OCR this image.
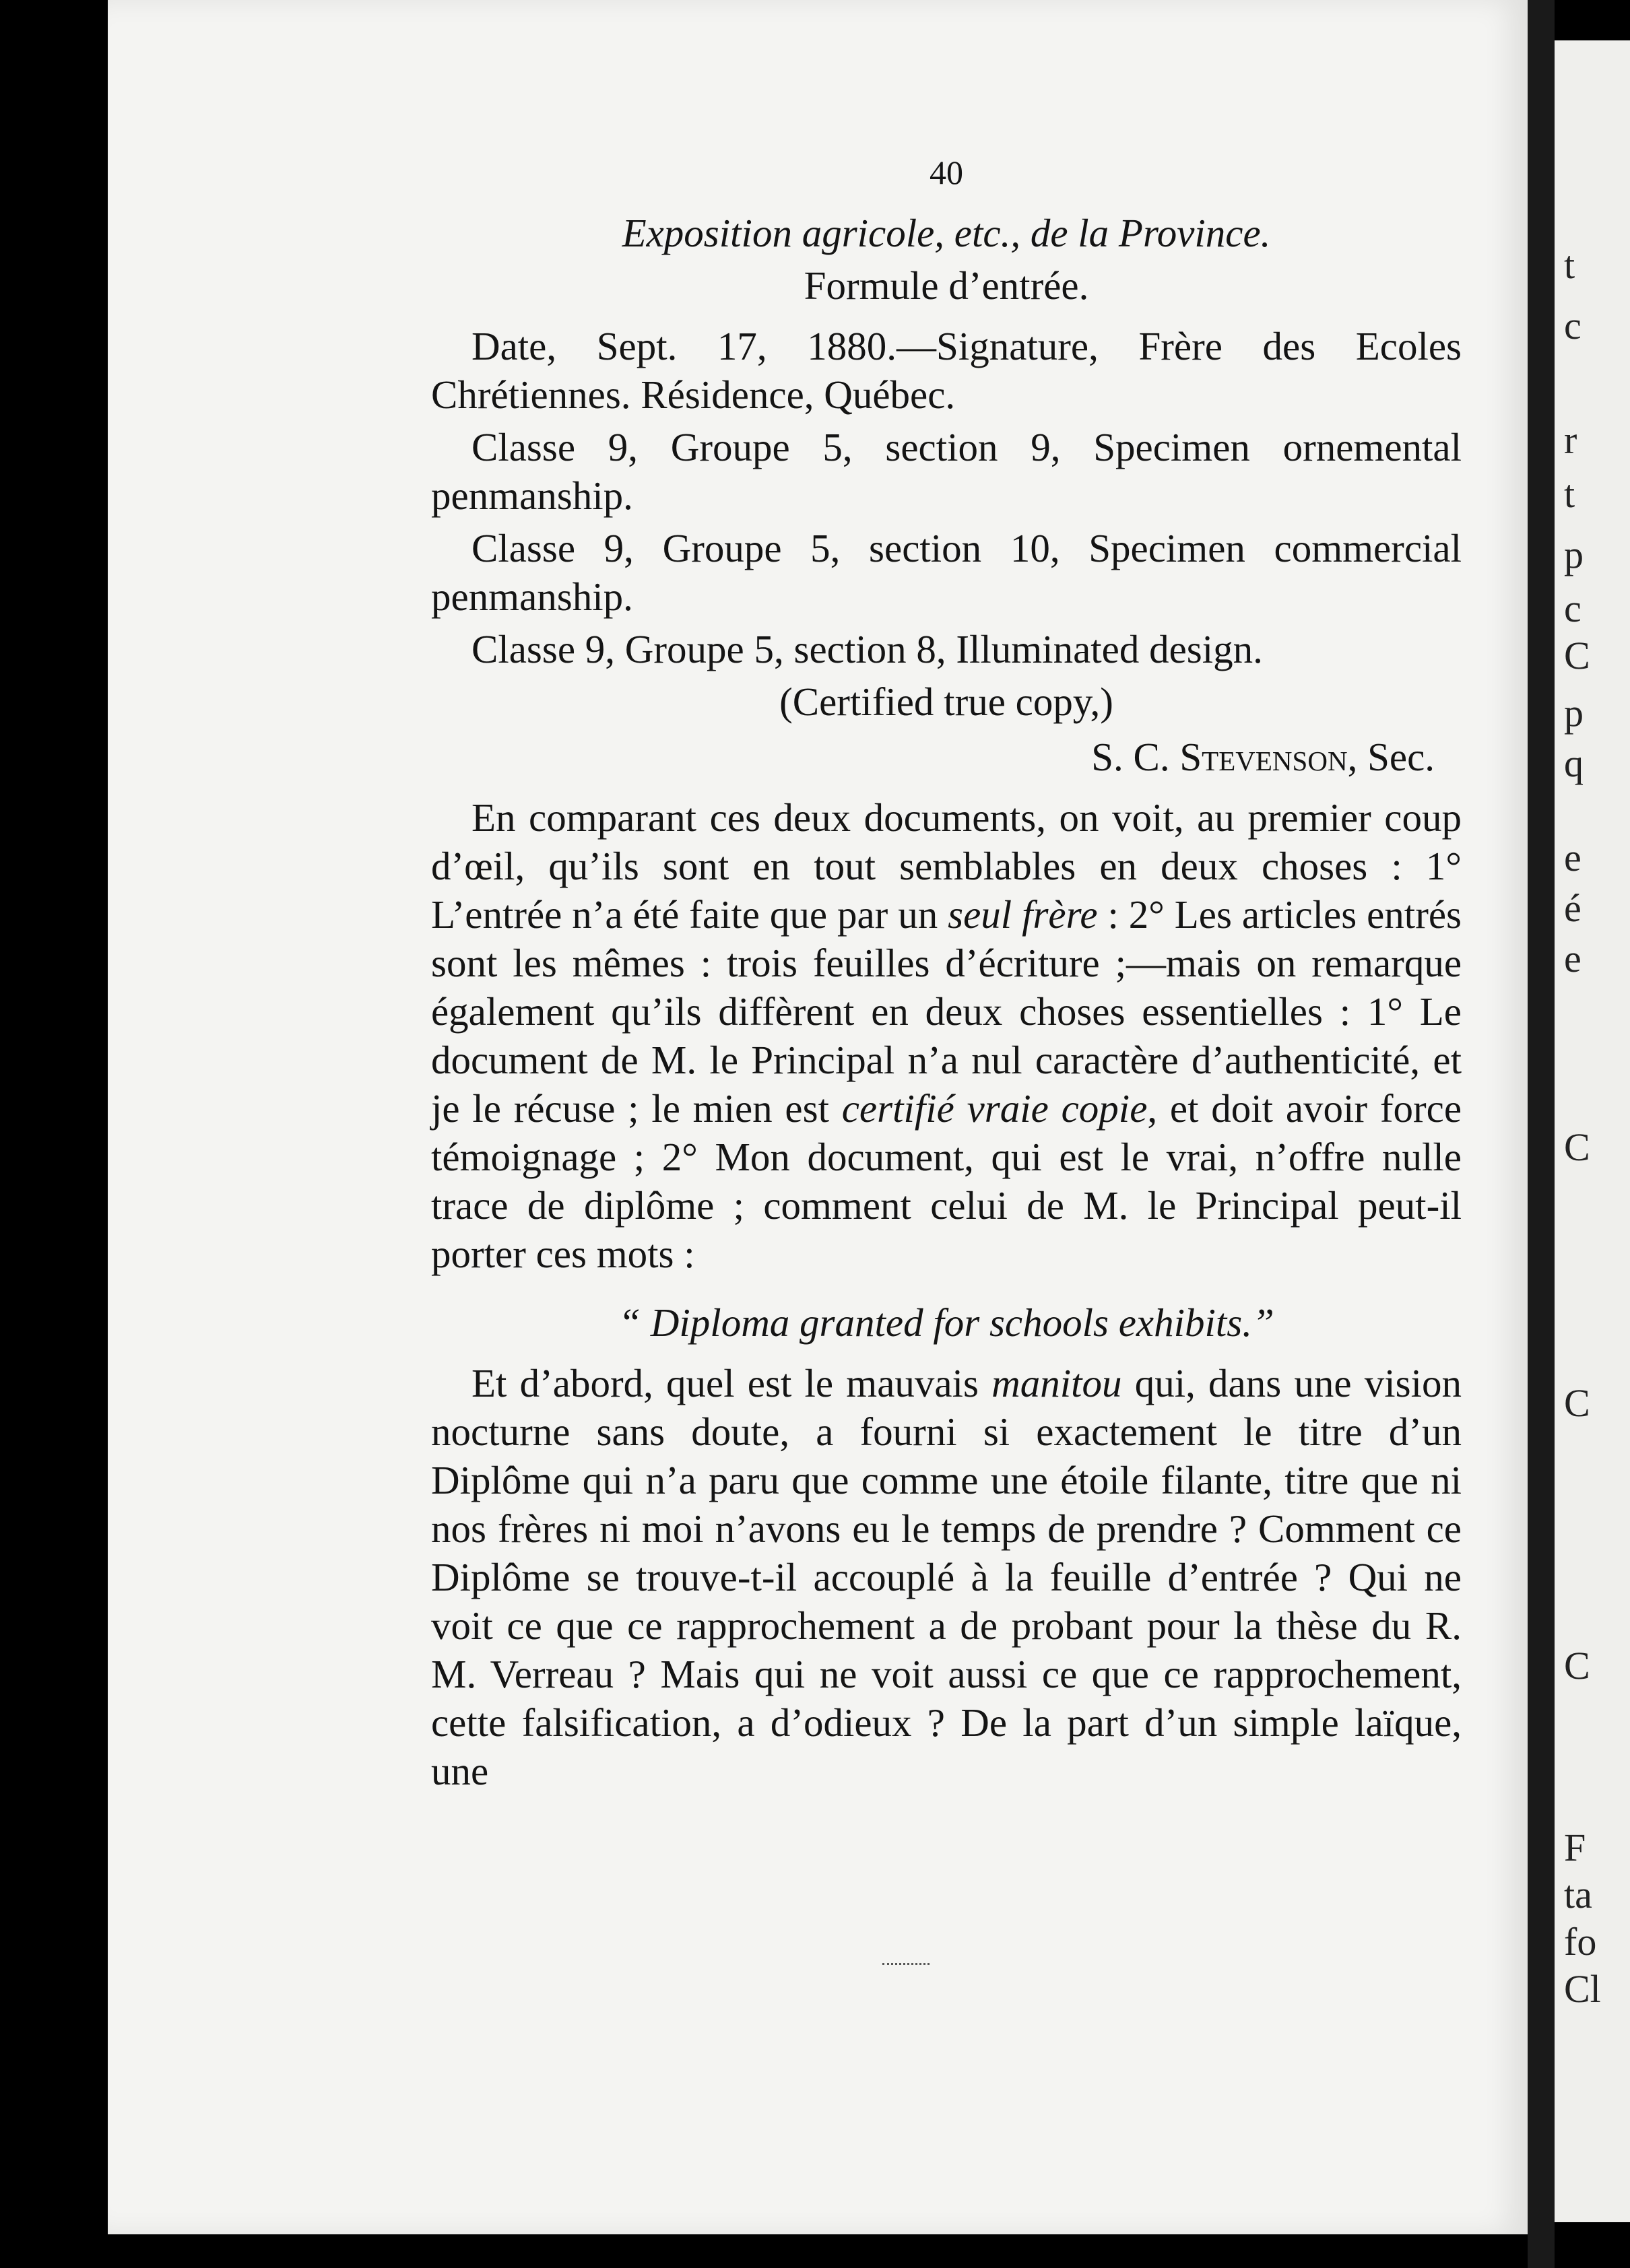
t
c
r
t
p
c
C
p
q
e
é
e
C
C
C
F
ta
fo
Cl
40
Exposition agricole, etc., de la Province.
Formule d’entrée.

Date, Sept. 17, 1880.—Signature, Frère des Ecoles Chrétiennes. Résidence, Québec.

Classe 9, Groupe 5, section 9, Specimen ornemental penmanship.

Classe 9, Groupe 5, section 10, Specimen commercial penmanship.

Classe 9, Groupe 5, section 8, Illuminated design.

(Certified true copy,)
S. C. Stevenson, Sec.

En comparant ces deux documents, on voit, au premier coup d’œil, qu’ils sont en tout semblables en deux choses : 1° L’entrée n’a été faite que par un seul frère : 2° Les articles entrés sont les mêmes : trois feuilles d’écriture ;—mais on remarque également qu’ils diffèrent en deux choses essentielles : 1° Le document de M. le Principal n’a nul caractère d’authenticité, et je le récuse ; le mien est certifié vraie copie, et doit avoir force témoignage ; 2° Mon document, qui est le vrai, n’offre nulle trace de diplôme ; comment celui de M. le Principal peut-il porter ces mots :

“ Diploma granted for schools exhibits.”

Et d’abord, quel est le mauvais manitou qui, dans une vision nocturne sans doute, a fourni si exactement le titre d’un Diplôme qui n’a paru que comme une étoile filante, titre que ni nos frères ni moi n’avons eu le temps de prendre ? Comment ce Diplôme se trouve-t-il accouplé à la feuille d’entrée ? Qui ne voit ce que ce rapprochement a de probant pour la thèse du R. M. Verreau ? Mais qui ne voit aussi ce que ce rapprochement, cette falsification, a d’odieux ? De la part d’un simple laïque, une
